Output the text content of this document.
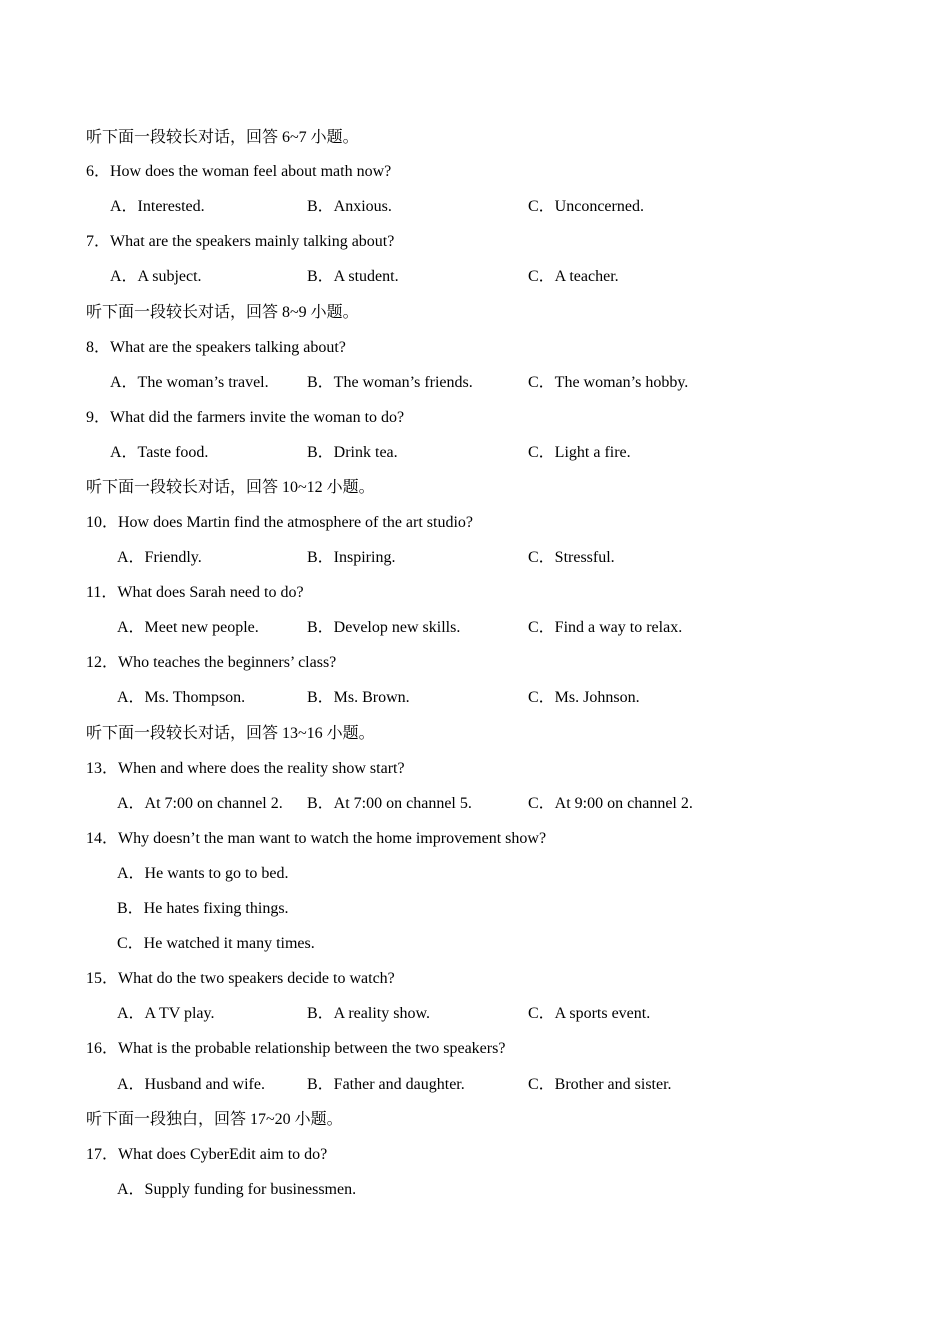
听下面一段较长对话，回答 6~7 小题。
6．How does the woman feel about math now?
A．Interested.	B．Anxious.	C．Unconcerned.
7．What are the speakers mainly talking about?
A．A subject.	B．A student.	C．A teacher.
听下面一段较长对话，回答 8~9 小题。
8．What are the speakers talking about?
A．The woman’s travel. B．The woman’s friends.	C．The woman’s hobby.
9．What did the farmers invite the woman to do?
A．Taste food.	B．Drink tea.	C．Light a fire.
听下面一段较长对话，回答 10~12 小题。
10．How does Martin find the atmosphere of the art studio?
A．Friendly.	B．Inspiring.	C．Stressful.
11．What does Sarah need to do?
A．Meet new people.	B．Develop new skills.	C．Find a way to relax.
12．Who teaches the beginners’ class?
A．Ms. Thompson.	B．Ms. Brown.	C．Ms. Johnson.
听下面一段较长对话，回答 13~16 小题。
13．When and where does the reality show start?
A．At 7:00 on channel 2. B．At 7:00 on channel 5.	C．At 9:00 on channel 2.
14．Why doesn’t the man want to watch the home improvement show?
A．He wants to go to bed.
B．He hates fixing things.
C．He watched it many times.
15．What do the two speakers decide to watch?
A．A TV play.	B．A reality show.	C．A sports event.
16．What is the probable relationship between the two speakers?
A．Husband and wife.	B．Father and daughter.	C．Brother and sister.
听下面一段独白，回答 17~20 小题。
17．What does CyberEdit aim to do?
A．Supply funding for businessmen.
